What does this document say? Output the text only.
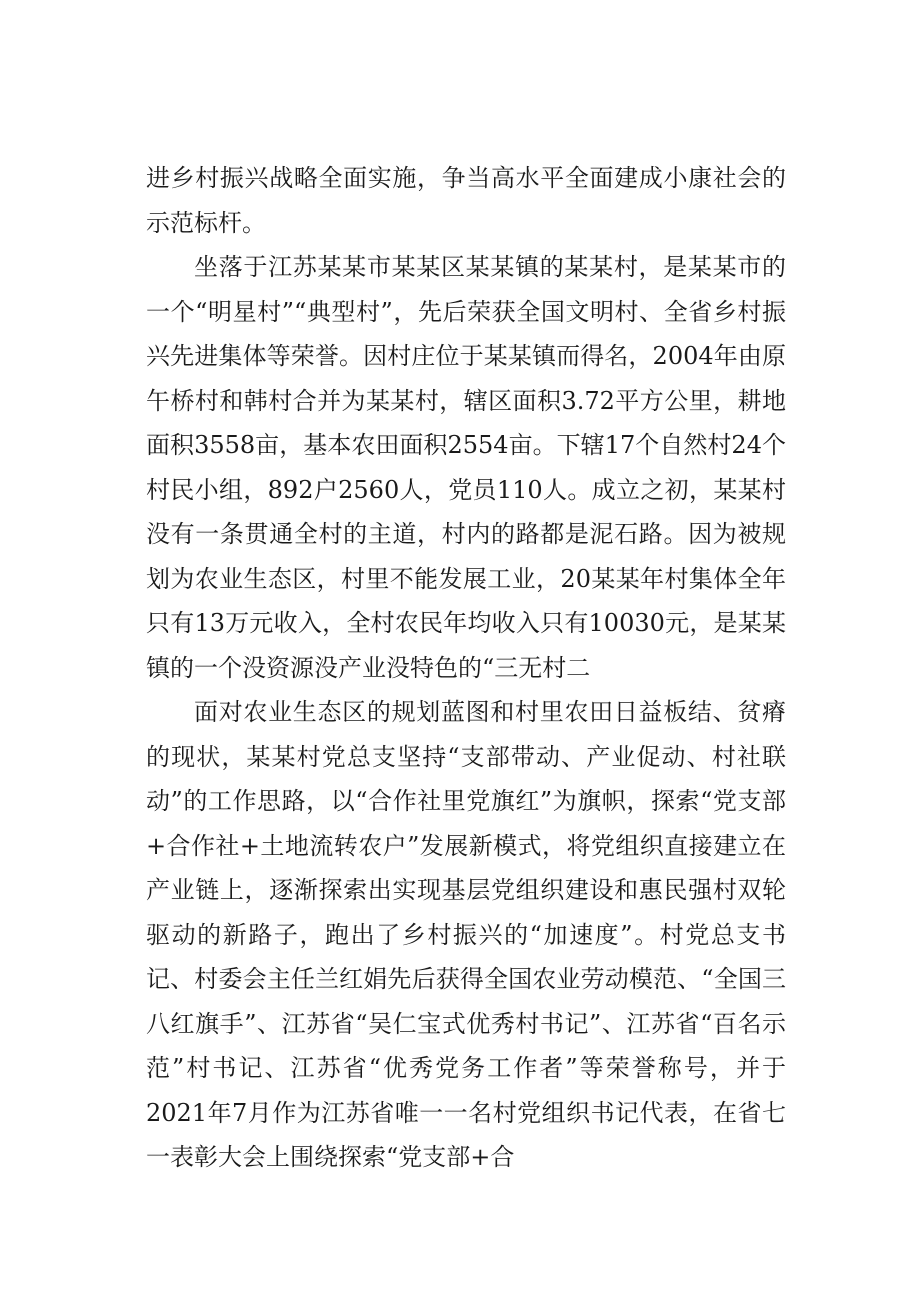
进乡村振兴战略全面实施，争当高水平全面建成小康社会的示范标杆。

坐落于江苏某某市某某区某某镇的某某村，是某某市的一个“明星村”“典型村”，先后荣获全国文明村、全省乡村振兴先进集体等荣誉。因村庄位于某某镇而得名，2004年由原午桥村和韩村合并为某某村，辖区面积3.72平方公里，耕地面积3558亩，基本农田面积2554亩。下辖17个自然村24个村民小组，892户2560人，党员110人。成立之初，某某村没有一条贯通全村的主道，村内的路都是泥石路。因为被规划为农业生态区，村里不能发展工业，20某某年村集体全年只有13万元收入，全村农民年均收入只有10030元，是某某镇的一个没资源没产业没特色的“三无村二

面对农业生态区的规划蓝图和村里农田日益板结、贫瘠的现状，某某村党总支坚持“支部带动、产业促动、村社联动”的工作思路，以“合作社里党旗红”为旗帜，探索“党支部+合作社+土地流转农户”发展新模式，将党组织直接建立在产业链上，逐渐探索出实现基层党组织建设和惠民强村双轮驱动的新路子，跑出了乡村振兴的“加速度”。村党总支书记、村委会主任兰红娟先后获得全国农业劳动模范、“全国三八红旗手”、江苏省“吴仁宝式优秀村书记”、江苏省“百名示范”村书记、江苏省“优秀党务工作者”等荣誉称号，并于2021年7月作为江苏省唯一一名村党组织书记代表，在省七一表彰大会上围绕探索“党支部+合
